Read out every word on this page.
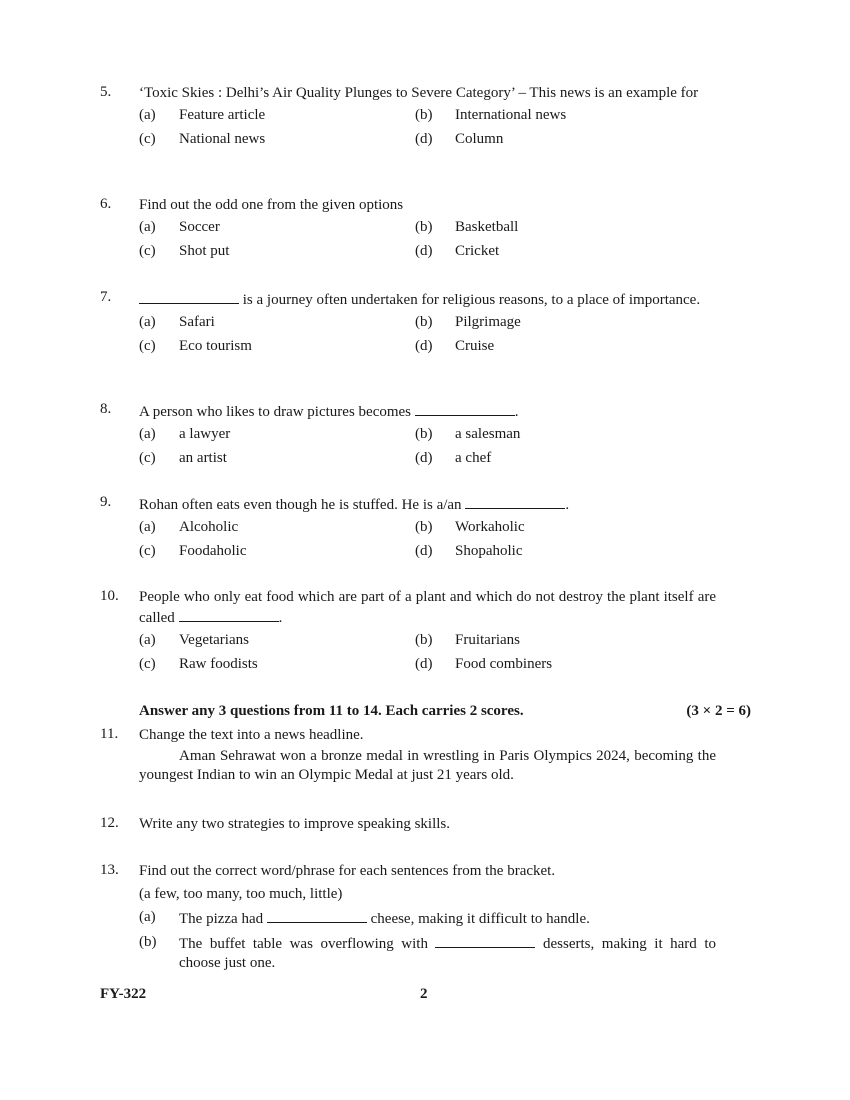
5. ‘Toxic Skies : Delhi’s Air Quality Plunges to Severe Category’ – This news is an example for
(a) Feature article	(b) International news
(c) National news	(d) Column
6. Find out the odd one from the given options
(a) Soccer	(b) Basketball
(c) Shot put	(d) Cricket
7.	is a journey often undertaken for religious reasons, to a place of importance.
(a) Safari	(b) Pilgrimage
(c) Eco tourism	(d) Cruise
8. A person who likes to draw pictures becomes	.
(a) a lawyer	(b) a salesman
(c) an artist	(d) a chef
9. Rohan often eats even though he is stuffed. He is a/an	.
(a) Alcoholic	(b) Workaholic
(c) Foodaholic	(d) Shopaholic
10. People who only eat food which are part of a plant and which do not destroy the plant itself are called	.
(a) Vegetarians	(b) Fruitarians
(c) Raw foodists	(d) Food combiners
Answer any 3 questions from 11 to 14. Each carries 2 scores.	(3 × 2 = 6)
11. Change the text into a news headline.
Aman Sehrawat won a bronze medal in wrestling in Paris Olympics 2024, becoming the youngest Indian to win an Olympic Medal at just 21 years old.
12. Write any two strategies to improve speaking skills.
13. Find out the correct word/phrase for each sentences from the bracket.
(a few, too many, too much, little)
(a)	The pizza had	cheese, making it difficult to handle.
(b)	The buffet table was overflowing with	desserts, making it hard to choose just one.
FY-322	2
